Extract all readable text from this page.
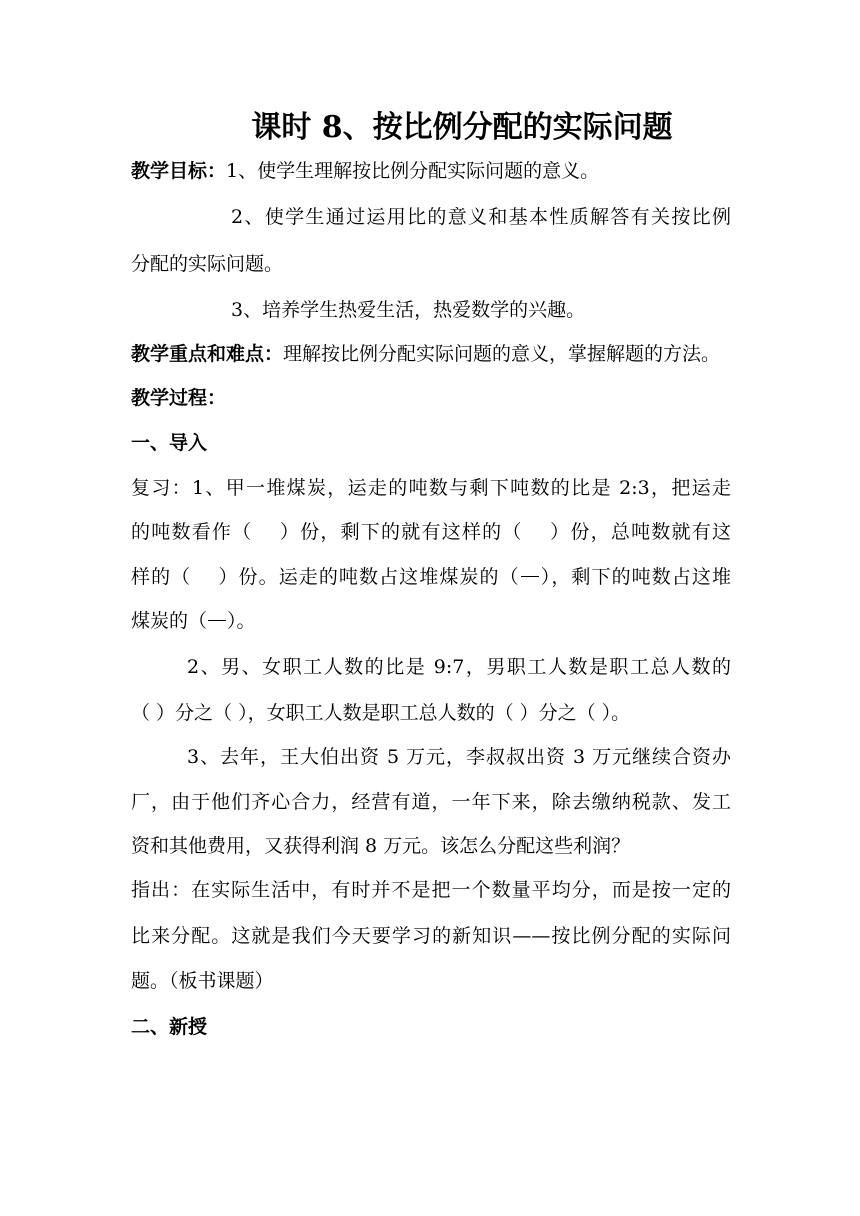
课时 8、按比例分配的实际问题
教学目标：1、使学生理解按比例分配实际问题的意义。
2、使学生通过运用比的意义和基本性质解答有关按比例
分配的实际问题。
3、培养学生热爱生活，热爱数学的兴趣。
教学重点和难点：理解按比例分配实际问题的意义，掌握解题的方法。
教学过程：
一、导入
复习：1、甲一堆煤炭，运走的吨数与剩下吨数的比是 2:3，把运走
的吨数看作（　 ）份，剩下的就有这样的（　 ）份，总吨数就有这
样的（　 ）份。运走的吨数占这堆煤炭的（ ），剩下的吨数占这堆
煤炭的（ ）。
2、男、女职工人数的比是 9:7，男职工人数是职工总人数的
（ ）分之（ ），女职工人数是职工总人数的（ ）分之（ ）。
3、去年，王大伯出资 5 万元，李叔叔出资 3 万元继续合资办
厂，由于他们齐心合力，经营有道，一年下来，除去缴纳税款、发工
资和其他费用，又获得利润 8 万元。该怎么分配这些利润？
指出：在实际生活中，有时并不是把一个数量平均分，而是按一定的
比来分配。这就是我们今天要学习的新知识——按比例分配的实际问
题。（板书课题）
二、新授
